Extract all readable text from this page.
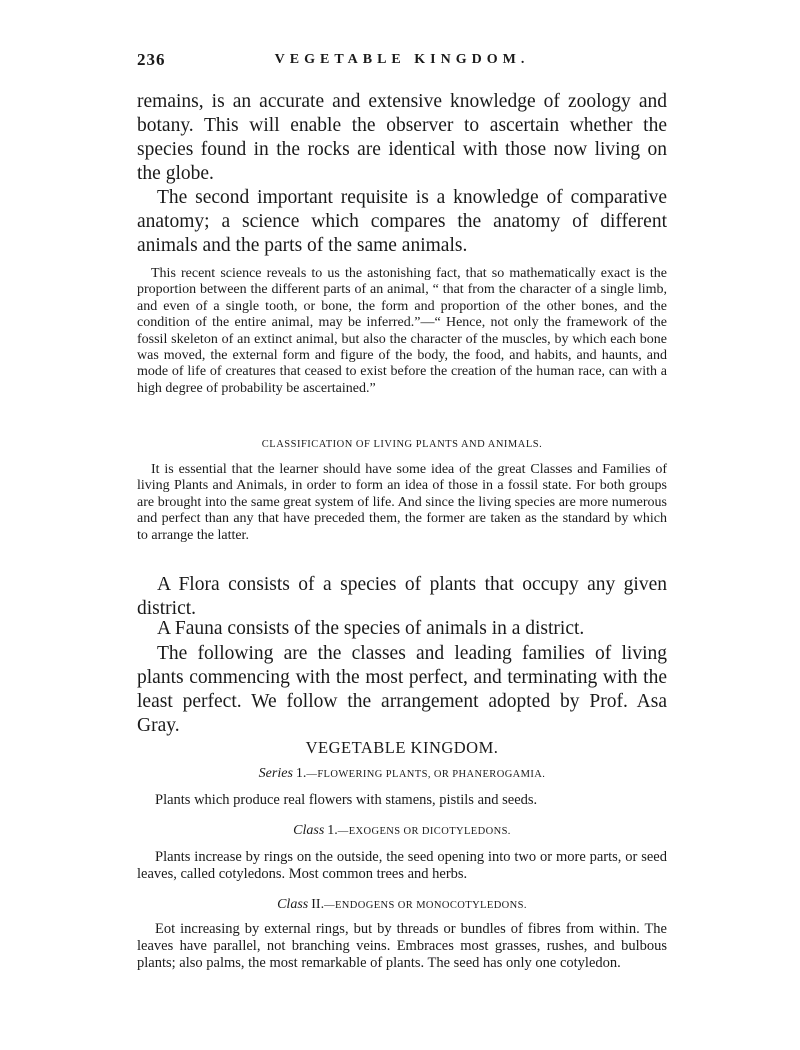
236	VEGETABLE KINGDOM.

remains, is an accurate and extensive knowledge of zoology and botany. This will enable the observer to ascertain whether the species found in the rocks are identical with those now living on the globe.

The second important requisite is a knowledge of comparative anatomy; a science which compares the anatomy of different animals and the parts of the same animals.

This recent science reveals to us the astonishing fact, that so mathematically exact is the proportion between the different parts of an animal, “ that from the character of a single limb, and even of a single tooth, or bone, the form and proportion of the other bones, and the condition of the entire animal, may be inferred.”—“ Hence, not only the framework of the fossil skeleton of an extinct animal, but also the character of the muscles, by which each bone was moved, the external form and figure of the body, the food, and habits, and haunts, and mode of life of creatures that ceased to exist before the creation of the human race, can with a high degree of probability be ascertained.”

CLASSIFICATION OF LIVING PLANTS AND ANIMALS.

It is essential that the learner should have some idea of the great Classes and Families of living Plants and Animals, in order to form an idea of those in a fossil state. For both groups are brought into the same great system of life. And since the living species are more numerous and perfect than any that have preceded them, the former are taken as the standard by which to arrange the latter.

A Flora consists of a species of plants that occupy any given district.

A Fauna consists of the species of animals in a district.

The following are the classes and leading families of living plants commencing with the most perfect, and terminating with the least perfect. We follow the arrangement adopted by Prof. Asa Gray.

VEGETABLE KINGDOM.

Series 1.—FLOWERING PLANTS, OR PHANEROGAMIA.

Plants which produce real flowers with stamens, pistils and seeds.

Class 1.—EXOGENS OR DICOTYLEDONS.

Plants increase by rings on the outside, the seed opening into two or more parts, or seed leaves, called cotyledons. Most common trees and herbs.

Class II.—ENDOGENS OR MONOCOTYLEDONS.

Eot increasing by external rings, but by threads or bundles of fibres from within. The leaves have parallel, not branching veins. Embraces most grasses, rushes, and bulbous plants; also palms, the most remarkable of plants. The seed has only one cotyledon.
